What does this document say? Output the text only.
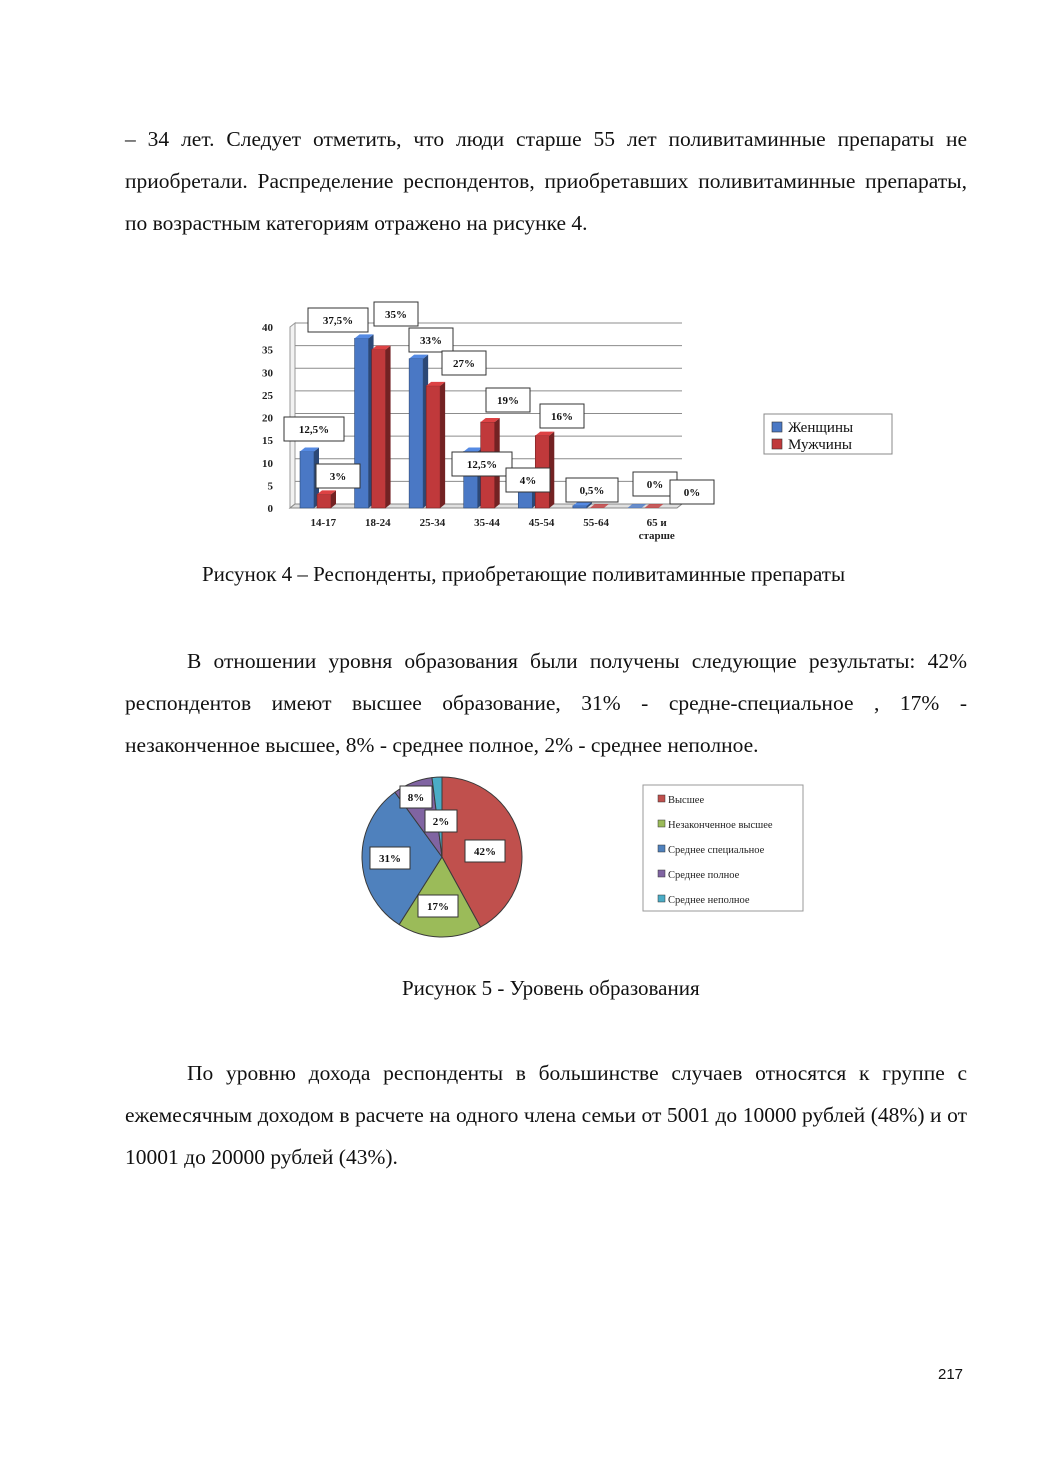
– 34 лет. Следует отметить, что люди старше 55 лет поливитаминные препараты не приобретали. Распределение респондентов, приобретавших поливитаминные препараты, по возрастным категориям отражено на рисунке 4.

0
5
10
15
20
25
30
35
40
14-17	18-24	25-34	35-44	45-54	55-64	65 и
старше
12,5%
37,5%
33%
12,5%
4%
0,5%	0%
3%
35%
27%
19%
16%
0%
Женщины
Мужчины

Рисунок 4 – Респонденты, приобретающие поливитаминные препараты

В отношении уровня образования были получены следующие результаты: 42% респондентов имеют высшее образование, 31% - средне-специальное , 17% - незаконченное высшее, 8% - среднее полное, 2% - среднее неполное.

42%
17%
31%
8%
2%
Высшее
Незаконченное высшее
Среднее специальное
Среднее полное
Среднее неполное

Рисунок 5 - Уровень образования

По уровню дохода респонденты в большинстве случаев относятся к группе с ежемесячным доходом в расчете на одного члена семьи от 5001 до 10000 рублей (48%) и от 10001 до 20000 рублей (43%).

217
